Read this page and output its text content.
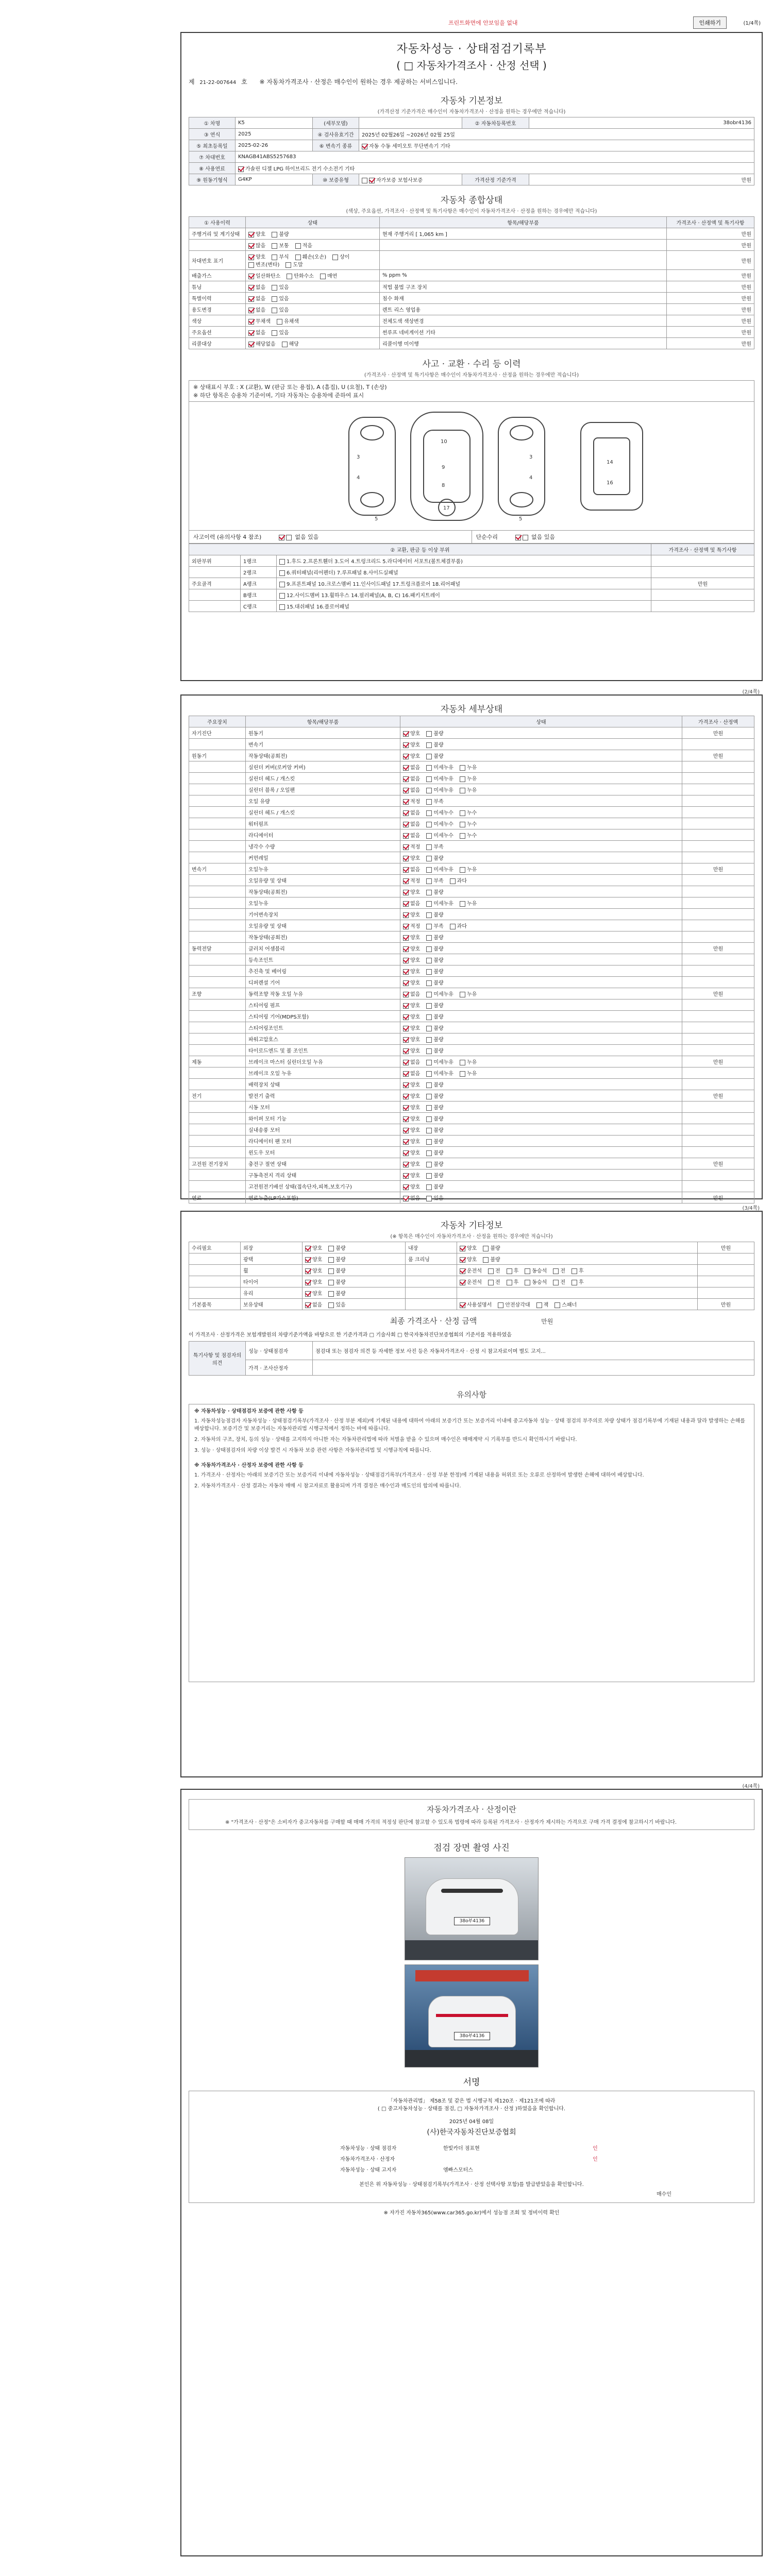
프린트화면에 안보임을 없내	인쇄하기	(1/4쪽)
자동차성능 · 상태점검기록부
( □ 자동차가격조사 · 산정 선택 )
제 21-22-007644 호 ※ 자동차가격조사 · 산정은 매수인이 원하는 경우 제공하는 서비스입니다.
자동차 기본정보
(가격산정 기준가격은 매수인이 자동차가격조사 · 산정을 원하는 경우에만 적습니다)
① 차명	K5	(세부모델)		② 자동차등록번호	38obr4136
③ 연식	2025	④ 검사유효기간	2025년 02월26일 ~2026년 02월 25일		
⑤ 최초등록일	2025-02-26	⑥ 변속기 종류	자동 수동 세미오토 무단변속기 기타		
⑦ 차대번호	KNAGB41ABS5257683				
⑧ 사용연료	가솔린 디젤 LPG 하이브리드 전기 수소전기 기타				
⑨ 원동기형식	G4KP	⑩ 보증유형	자가보증 보험사보증	가격산정 기준가격	만원
자동차 종합상태
(색상, 주요옵션, 가격조사 · 산정액 및 특기사항은 매수인이 자동차가격조사 · 산정을 원하는 경우에만 적습니다)
① 사용이력	상태	항목/해당부품	가격조사 · 산정액 및 특기사항
주행거리 및 계기상태	양호 불량	현재 주행거리 [ 1,065 km ]	만원
	많음 보통 적음		만원
차대번호 표기	양호 부식 훼손(오손) 상이변조(변타) 도말		만원
배출가스	일산화탄소 탄화수소 매연	% ppm %	만원
튜닝	없음 있음	적법 불법 구조 장치	만원
특별이력	없음 있음	침수 화재	만원
용도변경	없음 있음	렌트 리스 영업용	만원
색상	무채색 유채색	전체도색 색상변경	만원
주요옵션	없음 있음	썬루프 네비게이션 기타	만원
리콜대상	해당없음 해당	리콜이행 미이행	만원
사고 · 교환 · 수리 등 이력
(가격조사 · 산정액 및 특기사항은 매수인이 자동차가격조사 · 산정을 원하는 경우에만 적습니다)
※ 상태표시 부호 : X (교환), W (판금 또는 용접), A (흠집), U (요철), T (손상)
※ 하단 항목은 승용차 기준이며, 기타 자동차는 승용차에 준하여 표시
10
9
8
3
4
3
4
14
16
17
5	5
사고이력 (유의사항 4 참조)	없음 있음	단순수리	없음 있음
② 교환, 판금 등 이상 부위			가격조사 · 산정액 및 특기사항
외판부위	1랭크	1.후드 2.프론트휀더 3.도어 4.트렁크리드 5.라디에이터 서포트(볼트체결부품)	
	2랭크	6.쿼터패널(리어펜더) 7.루프패널 8.사이드실패널	
주요골격	A랭크	9.프론트패널 10.크로스멤버 11.인사이드패널 17.트렁크플로어 18.리어패널	만원
	B랭크	12.사이드멤버 13.휠하우스 14.필러패널(A, B, C) 16.패키지트레이	
	C랭크	15.대쉬패널 16.플로어패널	
(2/4쪽)
자동차 세부상태
주요장치	항목/해당부품	상태	가격조사 · 산정액
자기진단	원동기	양호 불량	만원
	변속기	양호 불량	
원동기	작동상태(공회전)	양호 불량	만원
	실린더 커버(로커암 커버)	없음 미세누유 누유	
	실린더 헤드 / 개스킷	없음 미세누유 누유	
	실린더 블록 / 오일팬	없음 미세누유 누유	
	오일 유량	적정 부족	
	실린더 헤드 / 개스킷	없음 미세누수 누수	
	워터펌프	없음 미세누수 누수	
	라디에이터	없음 미세누수 누수	
	냉각수 수량	적정 부족	
	커먼레일	양호 불량	
변속기	오일누유	없음 미세누유 누유	만원
	오일유량 및 상태	적정 부족 과다	
	작동상태(공회전)	양호 불량	
	오일누유	없음 미세누유 누유	
	기어변속장치	양호 불량	
	오일유량 및 상태	적정 부족 과다	
	작동상태(공회전)	양호 불량	
동력전달	클러치 어셈블리	양호 불량	만원
	등속조인트	양호 불량	
	추진축 및 베어링	양호 불량	
	디퍼렌셜 기어	양호 불량	
조향	동력조향 작동 오일 누유	없음 미세누유 누유	만원
	스티어링 펌프	양호 불량	
	스티어링 기어(MDPS포함)	양호 불량	
	스티어링조인트	양호 불량	
	파워고압호스	양호 불량	
	타이로드엔드 및 볼 조인트	양호 불량	
제동	브레이크 마스터 실린더오일 누유	없음 미세누유 누유	만원
	브레이크 오일 누유	없음 미세누유 누유	
	배력장치 상태	양호 불량	
전기	발전기 출력	양호 불량	만원
	시동 모터	양호 불량	
	와이퍼 모터 기능	양호 불량	
	실내송풍 모터	양호 불량	
	라디에이터 팬 모터	양호 불량	
	윈도우 모터	양호 불량	
고전원 전기장치	충전구 절연 상태	양호 불량	만원
	구동축전지 격리 상태	양호 불량	
	고전원전기배선 상태(접속단자,피복,보호기구)	양호 불량	
연료	연료누출(LP가스포함)	없음 있음	만원
(3/4쪽)
자동차 기타정보
(※ 항목은 매수인이 자동차가격조사 · 산정을 원하는 경우에만 적습니다)
수리필요	외장	양호 불량	내장	양호 불량	만원
	광택	양호 불량	룸 크리닝	양호 불량	
	휠	양호 불량		운전석 전 후 동승석 전 후	
	타이어	양호 불량		운전석 전 후 동승석 전 후	
	유리	양호 불량			
기본품목	보유상태	없음 있음		사용설명서 안전삼각대 잭 스패너	만원
최종 가격조사 · 산정 금액	만원
이 가격조사 · 산정가격은 보험개발원의 차량기준가액을 바탕으로 한 기준가격과 □ 기술사회 □ 한국자동차진단보증협회의 기준서를 적용하였음
특기사항 및 점검자의 의견	성능 · 상태점검자	점검대 또는 점검자 의견 등 자세한 정보 사진 등은 자동차가격조사 · 산정 시 참고자료이며 별도 고지...
	가격 · 조사산정자	
유의사항

※ 자동차성능 · 상태점검자 보증에 관한 사항 등

1. 자동차성능점검자 자동차성능 · 상태점검기록부(가격조사 · 산정 부분 제외)에 기재된 내용에 대하여 아래의 보증기간 또는 보증거리 이내에 중고자동차 성능 · 상태 점검의 부주의로 차량 상태가 점검기록부에 기재된 내용과 달라 발생하는 손해를 배상합니다. 보증기간 및 보증거리는 자동차관리법 시행규칙에서 정하는 바에 따릅니다.

2. 자동차의 구조, 장치, 등의 성능 · 상태를 고지하지 아니한 자는 자동차관리법에 따라 처벌을 받을 수 있으며 매수인은 매매계약 시 기록부를 반드시 확인하시기 바랍니다.

3. 성능 · 상태점검자의 차량 이상 발견 시 자동차 보증 관련 사항은 자동차관리법 및 시행규칙에 따릅니다.

※ 자동차가격조사 · 산정자 보증에 관한 사항 등

1. 가격조사 · 산정자는 아래의 보증기간 또는 보증거리 이내에 자동차성능 · 상태점검기록부(가격조사 · 산정 부분 한정)에 기재된 내용을 허위로 또는 오류로 산정하여 발생한 손해에 대하여 배상합니다.

2. 자동차가격조사 · 산정 결과는 자동차 매매 시 참고자료로 활용되며 가격 결정은 매수인과 매도인의 합의에 따릅니다.

(4/4쪽)
자동차가격조사 · 산정이란
※ "가격조사 · 산정"은 소비자가 중고자동차를 구매할 때 매매 가격의 적정성 판단에 참고할 수 있도록 법령에 따라 등록된 가격조사 · 산정자가 제시하는 가격으로 구매 가격 결정에 참고하시기 바랍니다.
점검 장면 촬영 사진
38o부4136
38o부4136
서명
「자동차관리법」 제58조 및 같은 법 시행규칙 제120조 · 제121조에 따라
( □ 중고자동차성능 · 상태를 점검, □ 자동차가격조사 · 산정 )하였음을 확인합니다.
2025년 04월 08일
(사)한국자동차진단보증협회
자동차성능 · 상태 점검자	한빛카더 점표현	인
자동차가격조사 · 산정자		인
자동차성능 · 상태 고지자	엠빠스모터스	
본인은 위 자동차성능 · 상태점검기록부(가격조사 · 산정 선택사항 포함)를 발급받았음을 확인합니다.
매수인
※ 자가진 자동차365(www.car365.go.kr)에서 성능점 조회 및 정비이력 확인
